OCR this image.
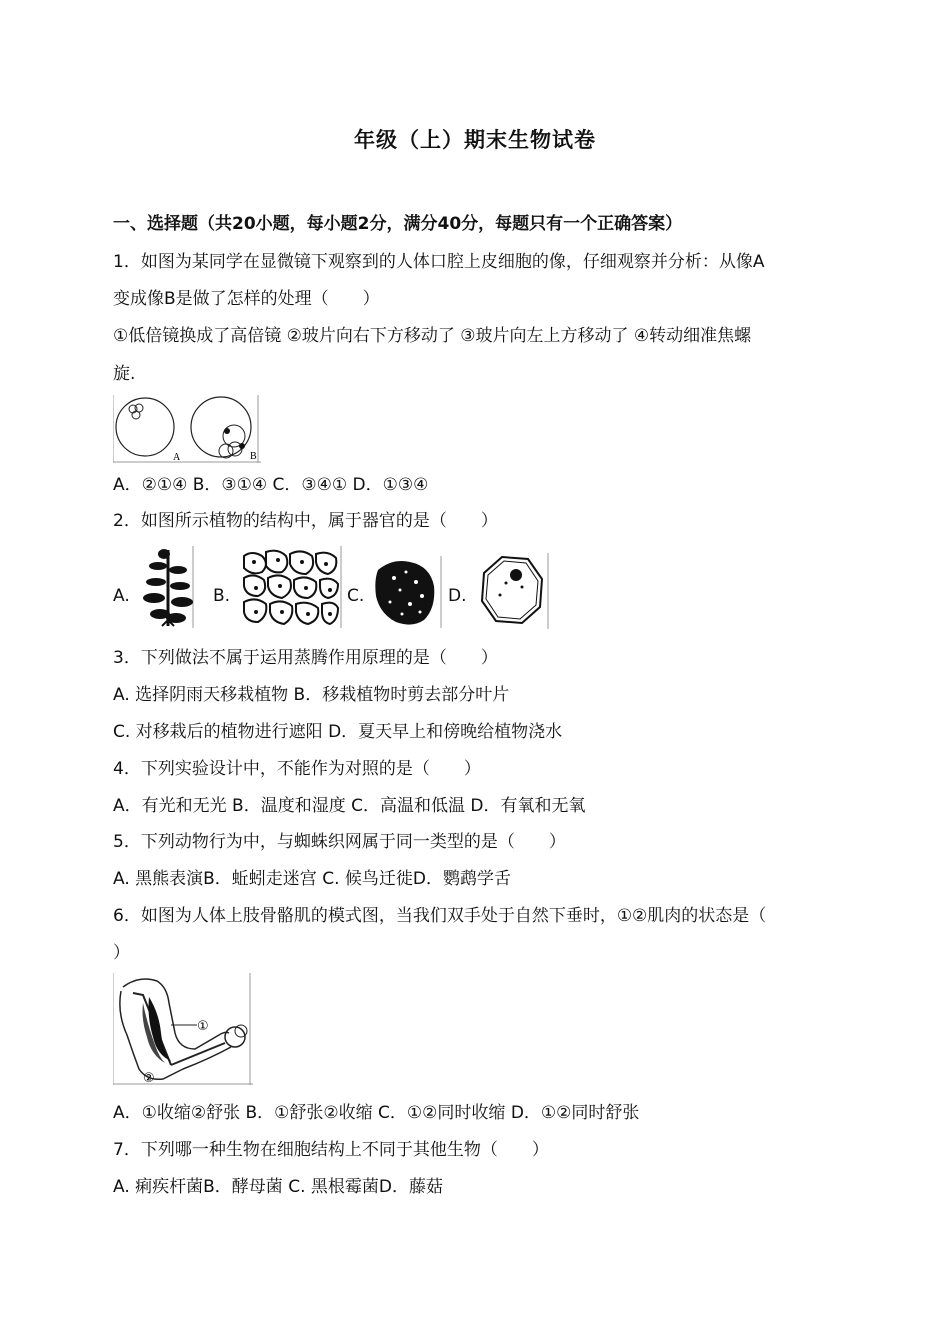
年级（上）期末生物试卷
一、选择题（共20小题，每小题2分，满分40分，每题只有一个正确答案）
1．如图为某同学在显微镜下观察到的人体口腔上皮细胞的像，仔细观察并分析：从像A
变成像B是做了怎样的处理（　　）
①低倍镜换成了高倍镜 ②玻片向右下方移动了 ③玻片向左上方移动了 ④转动细准焦螺
旋.
A	B
A．②①④ B．③①④ C．③④① D．①③④
2．如图所示植物的结构中，属于器官的是（　　）
A.	B.	C.	D.
3．下列做法不属于运用蒸腾作用原理的是（　　）
A. 选择阴雨天移栽植物 B．移栽植物时剪去部分叶片
C. 对移栽后的植物进行遮阳 D．夏天早上和傍晚给植物浇水
4．下列实验设计中，不能作为对照的是（　　）
A．有光和无光 B．温度和湿度 C．高温和低温 D．有氧和无氧
5．下列动物行为中，与蜘蛛织网属于同一类型的是（　　）
A. 黑熊表演B．蚯蚓走迷宫 C. 候鸟迁徙D．鹦鹉学舌
6．如图为人体上肢骨骼肌的模式图，当我们双手处于自然下垂时，①②肌肉的状态是（
）
①
②
A．①收缩②舒张 B．①舒张②收缩 C．①②同时收缩 D．①②同时舒张
7．下列哪一种生物在细胞结构上不同于其他生物（　　）
A. 痢疾杆菌B．酵母菌 C. 黑根霉菌D．藤菇
